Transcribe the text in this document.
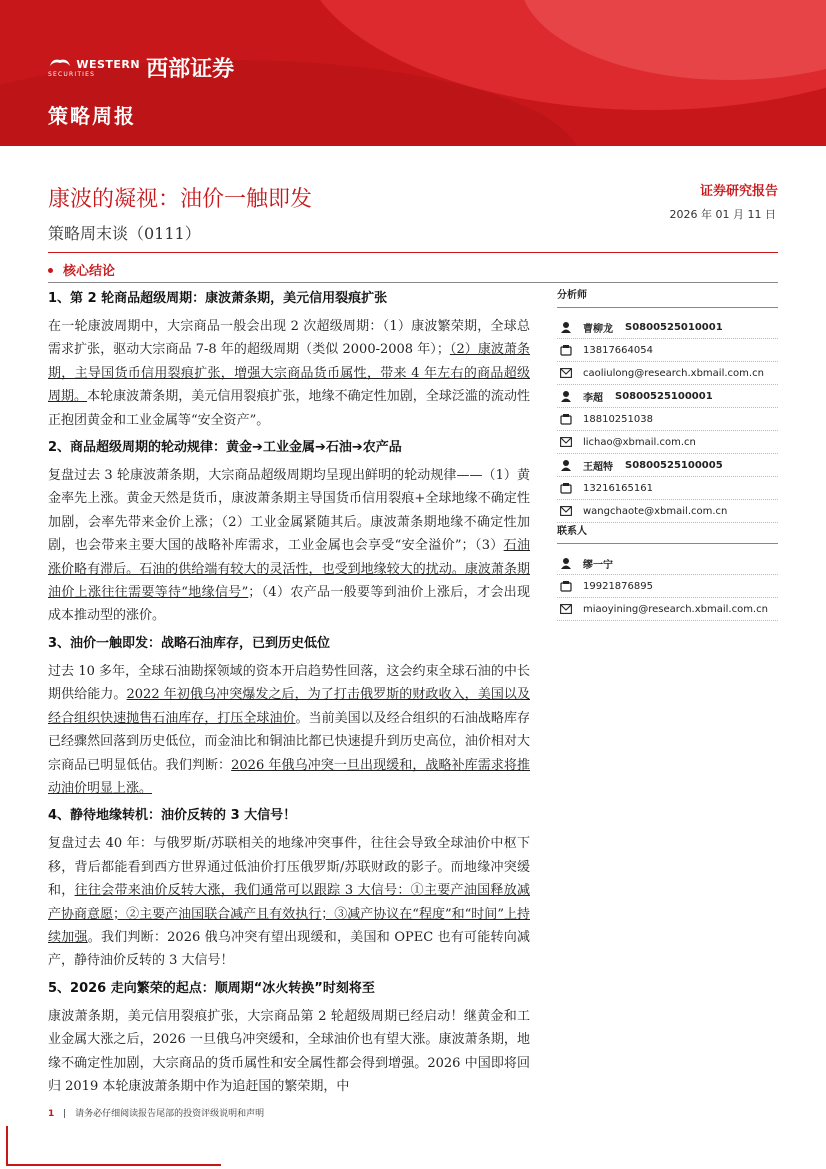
WESTERN
SECURITIES	西部证券
策略周报
康波的凝视：油价一触即发
策略周末谈（0111）
证券研究报告
2026 年 01 月 11 日
核心结论
1、第 2 轮商品超级周期：康波萧条期，美元信用裂痕扩张
在一轮康波周期中，大宗商品一般会出现 2 次超级周期：（1）康波繁荣期，全球总需求扩张，驱动大宗商品 7-8 年的超级周期（类似 2000-2008 年）；（2）康波萧条期，主导国货币信用裂痕扩张，增强大宗商品货币属性，带来 4 年左右的商品超级周期。本轮康波萧条期，美元信用裂痕扩张，地缘不确定性加剧，全球泛滥的流动性正抱团黄金和工业金属等“安全资产”。
2、商品超级周期的轮动规律：黄金➔工业金属➔石油➔农产品
复盘过去 3 轮康波萧条期，大宗商品超级周期均呈现出鲜明的轮动规律——（1）黄金率先上涨。黄金天然是货币，康波萧条期主导国货币信用裂痕+全球地缘不确定性加剧，会率先带来金价上涨；（2）工业金属紧随其后。康波萧条期地缘不确定性加剧，也会带来主要大国的战略补库需求，工业金属也会享受“安全溢价”；（3）石油涨价略有滞后。石油的供给端有较大的灵活性，也受到地缘较大的扰动。康波萧条期油价上涨往往需要等待“地缘信号”；（4）农产品一般要等到油价上涨后，才会出现成本推动型的涨价。
3、油价一触即发：战略石油库存，已到历史低位
过去 10 多年，全球石油勘探领域的资本开启趋势性回落，这会约束全球石油的中长期供给能力。2022 年初俄乌冲突爆发之后，为了打击俄罗斯的财政收入，美国以及经合组织快速抛售石油库存，打压全球油价。当前美国以及经合组织的石油战略库存已经骤然回落到历史低位，而金油比和铜油比都已快速提升到历史高位，油价相对大宗商品已明显低估。我们判断：2026 年俄乌冲突一旦出现缓和，战略补库需求将推动油价明显上涨。
4、静待地缘转机：油价反转的 3 大信号！
复盘过去 40 年：与俄罗斯/苏联相关的地缘冲突事件，往往会导致全球油价中枢下移，背后都能看到西方世界通过低油价打压俄罗斯/苏联财政的影子。而地缘冲突缓和，往往会带来油价反转大涨，我们通常可以跟踪 3 大信号：①主要产油国释放减产协商意愿；②主要产油国联合减产且有效执行；③减产协议在“程度”和“时间”上持续加强。我们判断：2026 俄乌冲突有望出现缓和，美国和 OPEC 也有可能转向减产，静待油价反转的 3 大信号！
5、2026 走向繁荣的起点：顺周期“冰火转换”时刻将至
康波萧条期，美元信用裂痕扩张，大宗商品第 2 轮超级周期已经启动！继黄金和工业金属大涨之后，2026 一旦俄乌冲突缓和，全球油价也有望大涨。康波萧条期，地缘不确定性加剧，大宗商品的货币属性和安全属性都会得到增强。2026 中国即将回归 2019 本轮康波萧条期中作为追赶国的繁荣期，中
分析师
曹柳龙 S0800525010001
13817664054
caoliulong@research.xbmail.com.cn
李超 S0800525100001
18810251038
lichao@xbmail.com.cn
王超特 S0800525100005
13216165161
wangchaote@xbmail.com.cn
联系人
缪一宁
19921876895
miaoyining@research.xbmail.com.cn
1 | 请务必仔细阅读报告尾部的投资评级说明和声明
